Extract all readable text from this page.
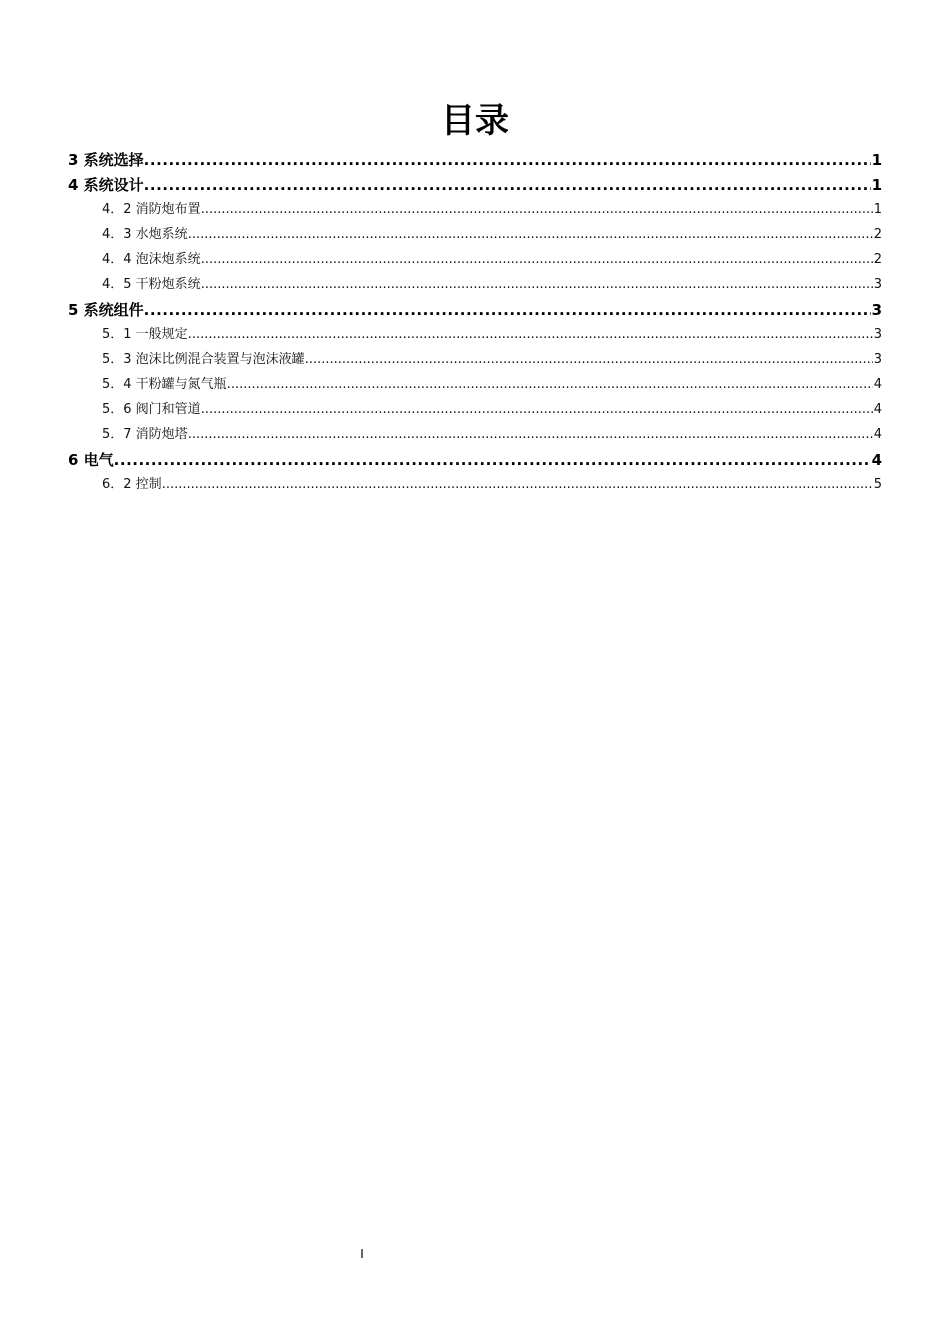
目录
3 系统选择 .....	1
4 系统设计 .....	1
4．2 消防炮布置 .....	1
4．3 水炮系统 .....	2
4．4 泡沫炮系统 .....	2
4．5 干粉炮系统 .....	3
5 系统组件 .....	3
5．1 一般规定 .....	3
5．3 泡沫比例混合装置与泡沫液罐 .....	3
5．4 干粉罐与氮气瓶 .....	4
5．6 阀门和管道 .....	4
5．7 消防炮塔 .....	4
6 电气 .....	4
6．2 控制 .....	5
I
